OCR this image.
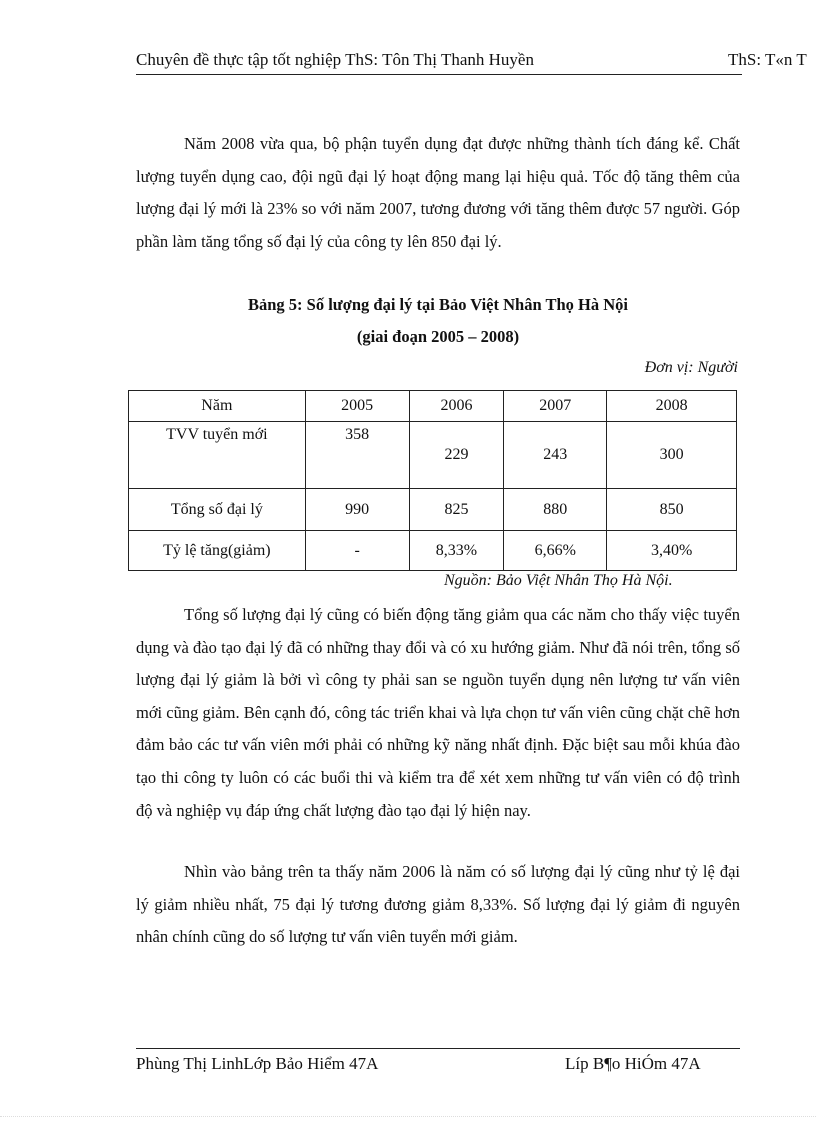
Chuyên đề thực tập tốt nghiệp ThS: Tôn Thị Thanh Huyền	ThS: T«n T

Năm 2008 vừa qua, bộ phận tuyển dụng đạt được những thành tích đáng kể. Chất lượng tuyển dụng cao, đội ngũ đại lý hoạt động mang lại hiệu quả. Tốc độ tăng thêm của lượng đại lý mới là 23% so với năm 2007, tương đương với tăng thêm được 57 người. Góp phần làm tăng tổng số đại lý của công ty lên 850 đại lý.

Bảng 5: Số lượng đại lý tại Bảo Việt Nhân Thọ Hà Nội

(giai đoạn 2005 – 2008)

Đơn vị: Người
Năm	2005	2006	2007	2008
TVV tuyển mới	358	229	243	300
Tổng số đại lý	990	825	880	850
Tỷ lệ tăng(giảm)	-	8,33%	6,66%	3,40%
Nguồn: Bảo Việt Nhân Thọ Hà Nội.

Tổng số lượng đại lý cũng có biến động tăng giảm qua các năm cho thấy việc tuyển dụng và đào tạo đại lý đã có những thay đổi và có xu hướng giảm. Như đã nói trên, tổng số lượng đại lý giảm là bởi vì công ty phải san se nguồn tuyển dụng nên lượng tư vấn viên mới cũng giảm. Bên cạnh đó, công tác triển khai và lựa chọn tư vấn viên cũng chặt chẽ hơn đảm bảo các tư vấn viên mới phải có những kỹ năng nhất định. Đặc biệt sau mỗi khúa đào tạo thi công ty luôn có các buổi thi và kiểm tra để xét xem những tư vấn viên có độ trình độ và nghiệp vụ đáp ứng chất lượng đào tạo đại lý hiện nay.

Nhìn vào bảng trên ta thấy năm 2006 là năm có số lượng đại lý cũng như tỷ lệ đại lý giảm nhiều nhất, 75 đại lý tương đương giảm 8,33%. Số lượng đại lý giảm đi nguyên nhân chính cũng do số lượng tư vấn viên tuyển mới giảm.

Phùng Thị LinhLớp Bảo Hiểm 47A	Líp B¶o HiÓm 47A
